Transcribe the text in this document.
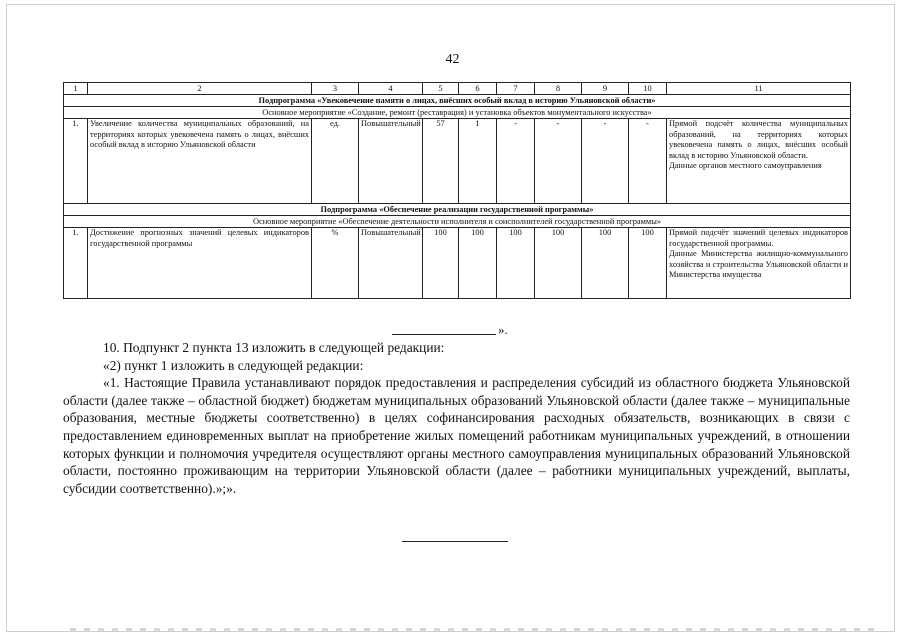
42
1	2	3	4	5	6	7	8	9	10	11
Подпрограмма «Увековечение памяти о лицах, внёсших особый вклад в историю Ульяновской области»										
Основное мероприятие «Создание, ремонт (реставрация) и установка объектов монументального искусства»										
1.	Увеличение количества муниципальных образований, на территориях которых увековечена память о лицах, внёсших особый вклад в историю Ульяновской области	ед.	Повышательный	57	1	-	-	-	-	Прямой подсчёт количества муниципальных образований, на территориях которых увековечена память о лицах, внёсших особый вклад в историю Ульяновской области.
Данные органов местного самоуправления

Подпрограмма «Обеспечение реализации государственной программы»										
Основное мероприятие «Обеспечение деятельности исполнителя и соисполнителей государственной программы»										
1.	Достижение прогнозных значений целевых индикаторов государственной программы	%	Повышательный	100	100	100	100	100	100	Прямой подсчёт значений целевых индикаторов государственной программы.
Данные Министерства жилищно-коммунального хозяйства и строительства Ульяновской области и Министерства имущества
».

10. Подпункт 2 пункта 13 изложить в следующей редакции:

«2) пункт 1 изложить в следующей редакции:

«1. Настоящие Правила устанавливают порядок предоставления и распределения субсидий из областного бюджета Ульяновской области (далее также – областной бюджет) бюджетам муниципальных образований Ульяновской области (далее также – муниципальные образования, местные бюджеты соответственно) в целях софинансирования расходных обязательств, возникающих в связи с предоставлением единовременных выплат на приобретение жилых помещений работникам муниципальных учреждений, в отношении которых функции и полномочия учредителя осуществляют органы местного самоуправления муниципальных образований Ульяновской области, постоянно проживающим на территории Ульяновской области (далее – работники муниципальных учреждений, выплаты, субсидии соответственно).»;».
